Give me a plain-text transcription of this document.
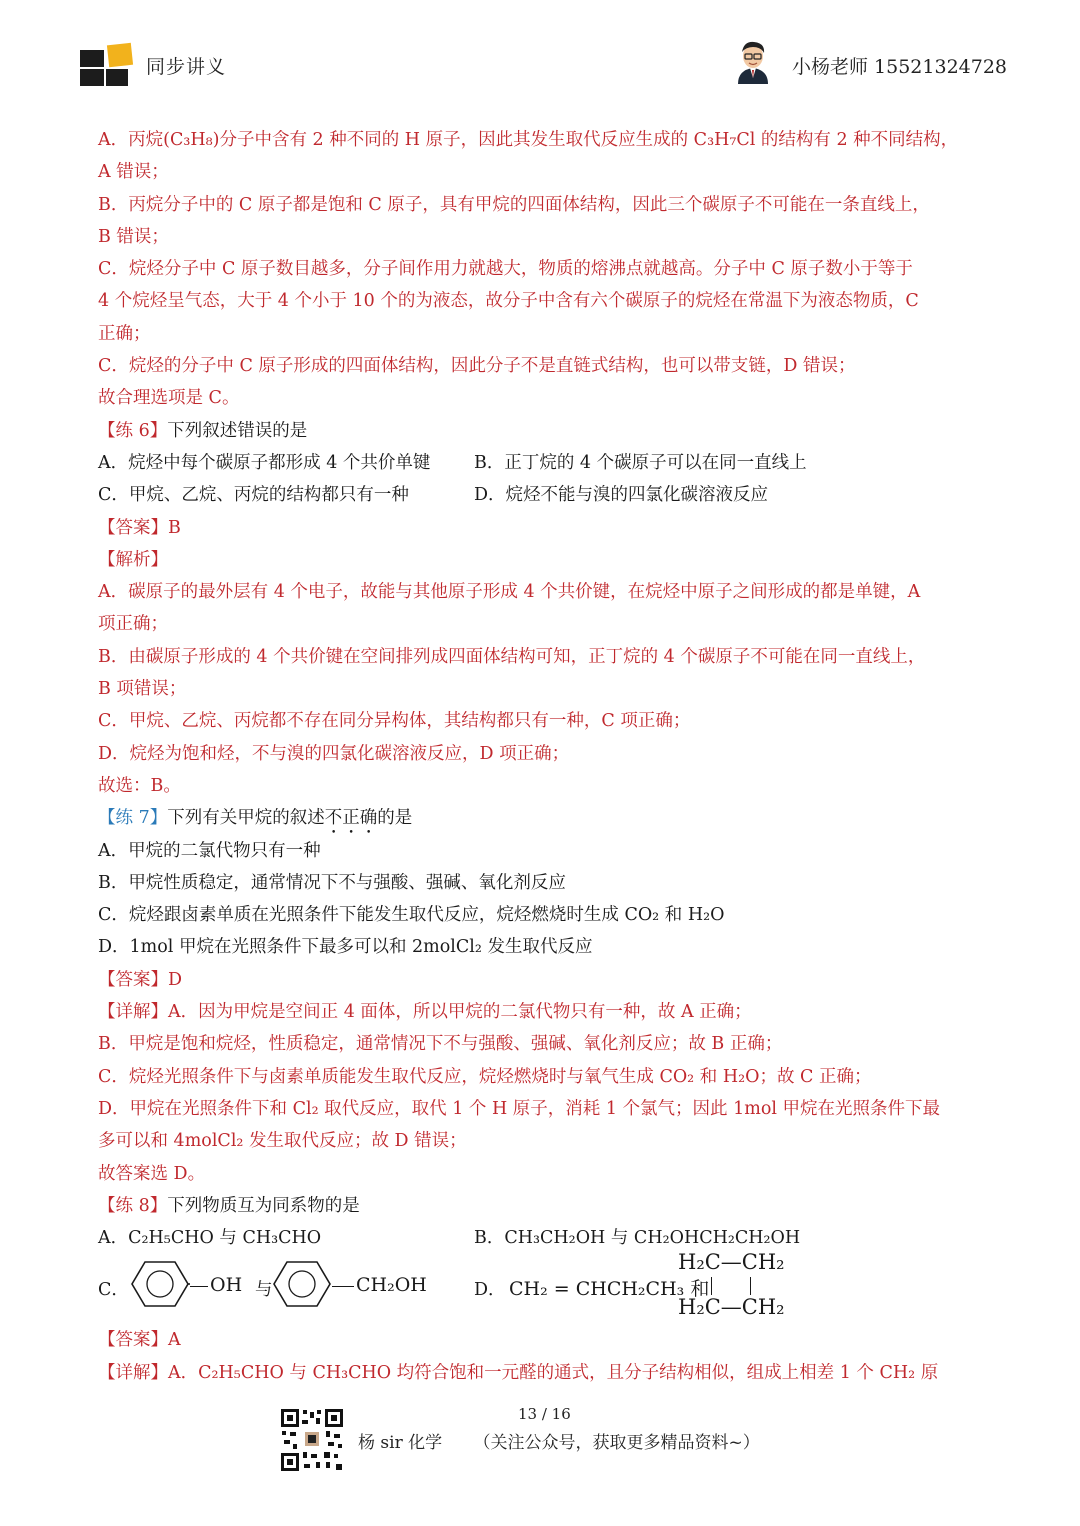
同步讲义	小杨老师 15521324728
A．丙烷(C₃H₈)分子中含有 2 种不同的 H 原子，因此其发生取代反应生成的 C₃H₇Cl 的结构有 2 种不同结构，
A 错误；
B．丙烷分子中的 C 原子都是饱和 C 原子，具有甲烷的四面体结构，因此三个碳原子不可能在一条直线上，
B 错误；
C．烷烃分子中 C 原子数目越多，分子间作用力就越大，物质的熔沸点就越高。分子中 C 原子数小于等于
4 个烷烃呈气态，大于 4 个小于 10 个的为液态，故分子中含有六个碳原子的烷烃在常温下为液态物质，C
正确；
C．烷烃的分子中 C 原子形成的四面体结构，因此分子不是直链式结构，也可以带支链，D 错误；
故合理选项是 C。
【练 6】下列叙述错误的是
A．烷烃中每个碳原子都形成 4 个共价单键	B．正丁烷的 4 个碳原子可以在同一直线上
C．甲烷、乙烷、丙烷的结构都只有一种	D．烷烃不能与溴的四氯化碳溶液反应
【答案】B
【解析】
A．碳原子的最外层有 4 个电子，故能与其他原子形成 4 个共价键，在烷烃中原子之间形成的都是单键，A
项正确；
B．由碳原子形成的 4 个共价键在空间排列成四面体结构可知，正丁烷的 4 个碳原子不可能在同一直线上，
B 项错误；
C．甲烷、乙烷、丙烷都不存在同分异构体，其结构都只有一种，C 项正确；
D．烷烃为饱和烃，不与溴的四氯化碳溶液反应，D 项正确；
故选：B。
【练 7】下列有关甲烷的叙述不正确的是
A．甲烷的二氯代物只有一种
B．甲烷性质稳定，通常情况下不与强酸、强碱、氧化剂反应
C．烷烃跟卤素单质在光照条件下能发生取代反应，烷烃燃烧时生成 CO₂ 和 H₂O
D．1mol 甲烷在光照条件下最多可以和 2molCl₂ 发生取代反应
【答案】D
【详解】A．因为甲烷是空间正 4 面体，所以甲烷的二氯代物只有一种，故 A 正确；
B．甲烷是饱和烷烃，性质稳定，通常情况下不与强酸、强碱、氧化剂反应；故 B 正确；
C．烷烃光照条件下与卤素单质能发生取代反应，烷烃燃烧时与氧气生成 CO₂ 和 H₂O；故 C 正确；
D．甲烷在光照条件下和 Cl₂ 取代反应，取代 1 个 H 原子，消耗 1 个氯气；因此 1mol 甲烷在光照条件下最
多可以和 4molCl₂ 发生取代反应；故 D 错误；
故答案选 D。
【练 8】下列物质互为同系物的是
A．C₂H₅CHO 与 CH₃CHO	B．CH₃CH₂OH 与 CH₂OHCH₂CH₂OH
C．	OH 与	CH₂OH	D． CH₂ = CHCH₂CH₃ 和
H₂C—CH₂
H₂C—CH₂
【答案】A
【详解】A．C₂H₅CHO 与 CH₃CHO 均符合饱和一元醛的通式，且分子结构相似，组成上相差 1 个 CH₂ 原
13 / 16
杨 sir 化学 （关注公众号，获取更多精品资料~）
